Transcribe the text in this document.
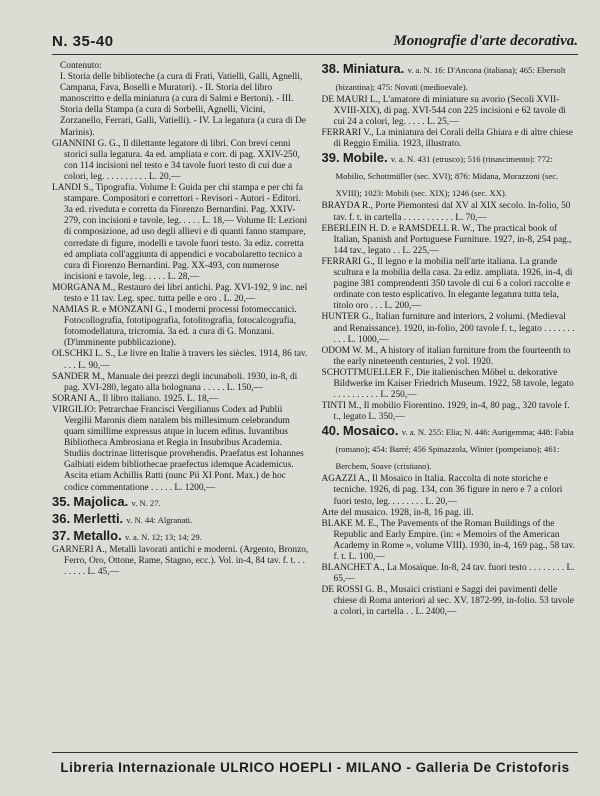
N. 35-40	Monografie d'arte decorativa.

Contenuto:

I. Storia delle biblioteche (a cura di Frati, Vatielli, Galli, Agnelli, Campana, Fava, Boselli e Muratori). - II. Storia del libro manoscritto e della miniatura (a cura di Salmi e Bertoni). - III. Storia della Stampa (a cura di Sorbelli, Agnelli, Vicini, Zorzanello, Ferrari, Galli, Vatielli). - IV. La legatura (a cura di De Marinis).

GIANNINI G. G., Il dilettante legatore di libri. Con brevi cenni storici sulla legatura. 4a ed. ampliata e corr. di pag. XXIV-250, con 114 incisioni nel testo e 34 tavole fuori testo di cui due a colori, leg. . . . . . . . . . L. 20,—

LANDI S., Tipografia. Volume I: Guida per chi stampa e per chi fa stampare. Compositori e correttori - Revisori - Autori - Editori. 3a ed. riveduta e corretta da Fiorenzo Bernardini. Pag. XXIV-279, con incisioni e tavole, leg. . . . . L. 18,— Volume II: Lezioni di composizione, ad uso degli allievi e di quanti fanno stampare, corredate di figure, modelli e tavole fuori testo. 3a ediz. corretta ed ampliata coll'aggiunta di appendici e vocabolaretto tecnico a cura di Fiorenzo Bernardini. Pag. XX-493, con numerose incisioni e tavole, leg. . . . . L. 28,—

MORGANA M., Restauro dei libri antichi. Pag. XVI-192, 9 inc. nel testo e 11 tav. Leg. spec. tutta pelle e oro . L. 20,—

NAMIAS R. e MONZANI G., I moderni processi fotomeccanici. Fotocollografia, fototipografia, fotolitografia, fotocalcografia, fotomodellatura, tricromia. 3a ed. a cura di G. Monzani. (D'imminente pubblicazione).

OLSCHKI L. S., Le livre en Italie à travers les siècles. 1914, 86 tav. . . . L. 90,—

SANDER M., Manuale dei prezzi degli incunaboli. 1930, in-8, di pag. XVI-280, legato alla bolognana . . . . . L. 150,—

SORANI A., Il libro italiano. 1925. L. 18,—

VIRGILIO: Petrarchae Francisci Vergilianus Codex ad Publii Vergilii Maronis diem natalem bis millesimum celebrandum quam simillime expressus atque in lucem editus. Iuvantibus Bibliotheca Ambrosiana et Regia in Insubribus Academia. Studiis doctrinae litterisque provehendis. Praefatus est Iohannes Galbiati eidem bibliothecae praefectus idemque Academicus. Ascita etiam Achillis Ratti (nunc Pii XI Pont. Max.) de hoc codice commentatione . . . . . L. 1200,—

35. Majolica. v. N. 27.

36. Merletti. v. N. 44: Algranati.

37. Metallo. v. a. N. 12; 13; 14; 29.

GARNERI A., Metalli lavorati antichi e moderni. (Argento, Bronzo, Ferro, Oro, Ottone, Rame, Stagno, ecc.). Vol. in-4, 84 tav. f. t. . . . . . . . L. 45,—

38. Miniatura. v. a. N. 16: D'Ancona (italiana); 465: Ebersolt (bizantina); 475: Novati (medioevale).

DE MAURI L., L'amatore di miniature su avorio (Secoli XVII-XVIII-XIX), di pag. XVI-544 con 225 incisioni e 62 tavole di cui 24 a colori, leg. . . . . L. 25,—

FERRARI V., La miniatura dei Corali della Ghiara e di altre chiese di Reggio Emilia. 1923, illustrato.

39. Mobile. v. a. N. 431 (etrusco); 516 (rinascimento): 772: Mobilio, Schottmüller (sec. XVI); 876: Midana, Morazzoni (sec. XVIII); 1023: Mobili (sec. XIX); 1246 (sec. XX).

BRAYDA R., Porte Piemontesi dal XV al XIX secolo. In-folio, 50 tav. f. t. in cartella . . . . . . . . . . . L. 70,—

EBERLEIN H. D. e RAMSDELL R. W., The practical book of Italian, Spanish and Portuguese Furniture. 1927, in-8, 254 pag., 144 tav., legato . . L. 225,—

FERRARI G., Il legno e la mobilia nell'arte italiana. La grande scultura e la mobilia della casa. 2a ediz. ampliata. 1926, in-4, di pagine 381 comprendenti 350 tavole di cui 6 a colori raccolte e ordinate con testo esplicativo. In elegante legatura tutta tela, titolo oro . . . L. 200,—

HUNTER G., Italian furniture and interiors, 2 volumi. (Medieval and Renaissance). 1920, in-folio, 200 tavole f. t., legato . . . . . . . . . . L. 1000,—

ODOM W. M., A history of italian furniture from the fourteenth to the early nineteenth centuries, 2 vol. 1920.

SCHOTTMUELLER F., Die italienischen Möbel u. dekorative Bildwerke im Kaiser Friedrich Museum. 1922, 58 tavole, legato . . . . . . . . . . L. 250,—

TINTI M., Il mobilio Fiorentino. 1929, in-4, 80 pag., 320 tavole f. t., legato L. 350,—

40. Mosaico. v. a. N. 255: Elia; N. 446: Aurigemma; 448: Fabia (romano); 454: Barré; 456 Spinazzola, Winter (pompeiano); 461: Berchem, Soave (cristiano).

AGAZZI A., Il Mosaico in Italia. Raccolta di note storiche e tecniche. 1926, di pag. 134, con 36 figure in nero e 7 a colori fuori testo, leg. . . . . . . . L. 20,—

Arte del musaico. 1928, in-8, 16 pag. ill.

BLAKE M. E., The Pavements of the Roman Buildings of the Republic and Early Empire. (in: « Memoirs of the American Academy in Rome », volume VIII). 1930, in-4, 169 pag., 58 tav. f. t. L. 100,—

BLANCHET A., La Mosaïque. In-8, 24 tav. fuori testo . . . . . . . . L. 65,—

DE ROSSI G. B., Musaici cristiani e Saggi dei pavimenti delle chiese di Roma anteriori al sec. XV. 1872-99, in-folio. 53 tavole a colori, in cartella . . L. 2400,—

Libreria Internazionale ULRICO HOEPLI - MILANO - Galleria De Cristoforis
